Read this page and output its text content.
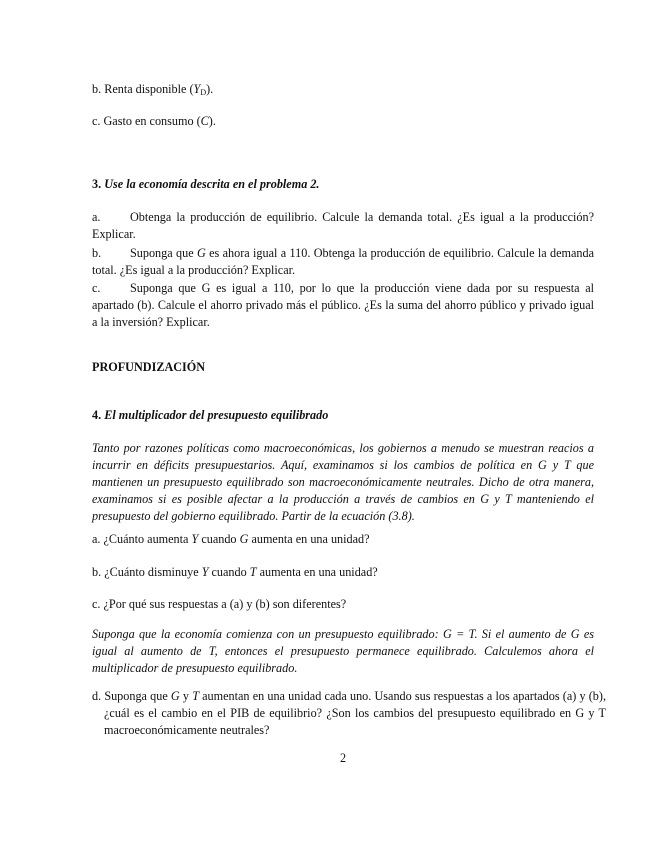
b. Renta disponible $(Y_D)$.
c. Gasto en consumo (C).
3. Use la economía descrita en el problema 2.
a. Obtenga la producción de equilibrio. Calcule la demanda total. ¿Es igual a la producción? Explicar.
b. Suponga que G es ahora igual a 110. Obtenga la producción de equilibrio. Calcule la demanda total. ¿Es igual a la producción? Explicar.
c. Suponga que G es igual a 110, por lo que la producción viene dada por su respuesta al apartado (b). Calcule el ahorro privado más el público. ¿Es la suma del ahorro público y privado igual a la inversión? Explicar.
PROFUNDIZACIÓN
4. El multiplicador del presupuesto equilibrado
Tanto por razones políticas como macroeconómicas, los gobiernos a menudo se muestran reacios a incurrir en déficits presupuestarios. Aquí, examinamos si los cambios de política en G y T que mantienen un presupuesto equilibrado son macroeconómicamente neutrales. Dicho de otra manera, examinamos si es posible afectar a la producción a través de cambios en G y T manteniendo el presupuesto del gobierno equilibrado. Partir de la ecuación (3.8).
a. ¿Cuánto aumenta Y cuando G aumenta en una unidad?
b. ¿Cuánto disminuye Y cuando T aumenta en una unidad?
c. ¿Por qué sus respuestas a (a) y (b) son diferentes?
Suponga que la economía comienza con un presupuesto equilibrado: G = T. Si el aumento de G es igual al aumento de T, entonces el presupuesto permanece equilibrado. Calculemos ahora el multiplicador de presupuesto equilibrado.
d. Suponga que G y T aumentan en una unidad cada uno. Usando sus respuestas a los apartados (a) y (b), ¿cuál es el cambio en el PIB de equilibrio? ¿Son los cambios del presupuesto equilibrado en G y T macroeconómicamente neutrales?
2
